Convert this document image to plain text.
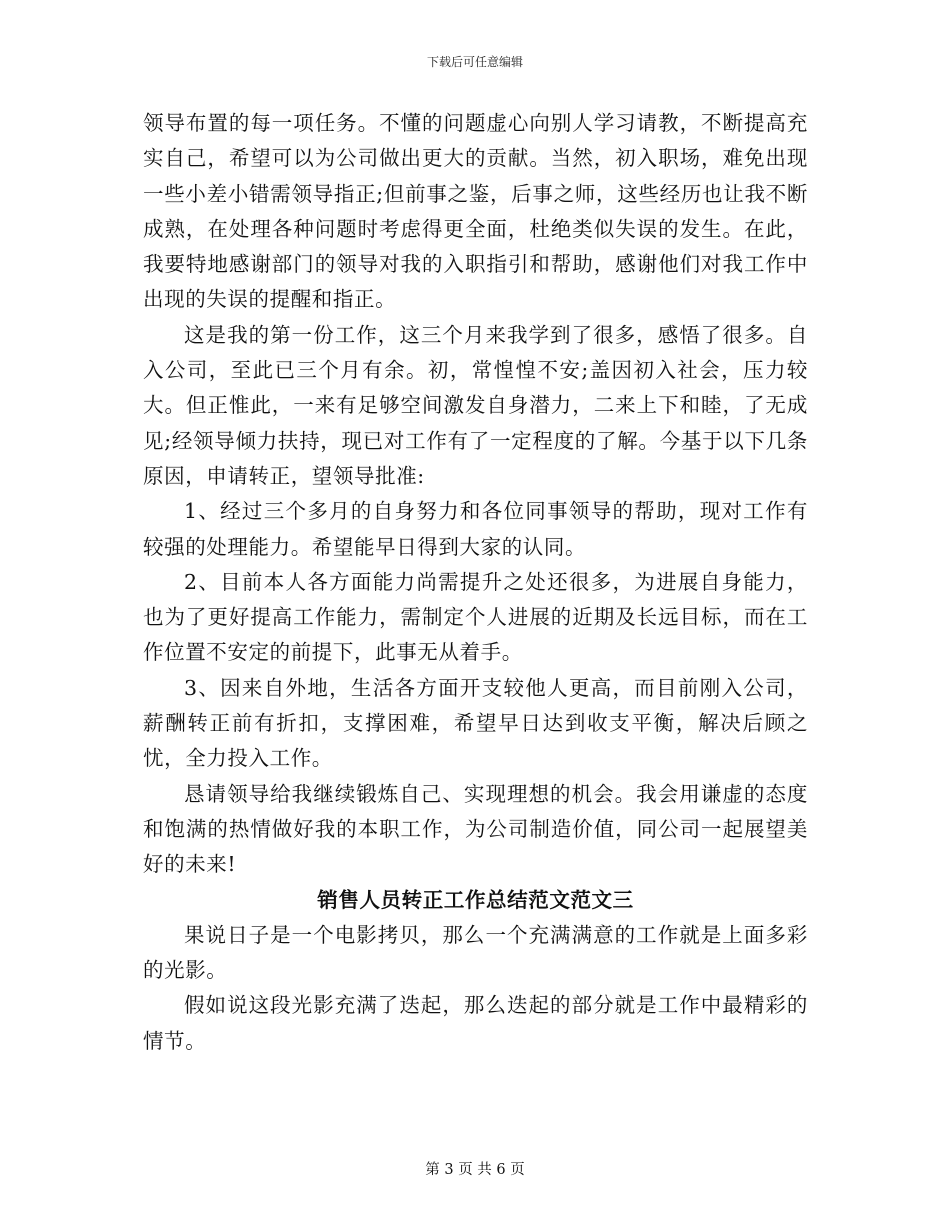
下载后可任意编辑

领导布置的每一项任务。不懂的问题虚心向别人学习请教，不断提高充实自己，希望可以为公司做出更大的贡献。当然，初入职场，难免出现一些小差小错需领导指正;但前事之鉴，后事之师，这些经历也让我不断成熟，在处理各种问题时考虑得更全面，杜绝类似失误的发生。在此，我要特地感谢部门的领导对我的入职指引和帮助，感谢他们对我工作中出现的失误的提醒和指正。

这是我的第一份工作，这三个月来我学到了很多，感悟了很多。自入公司，至此已三个月有余。初，常惶惶不安;盖因初入社会，压力较大。但正惟此，一来有足够空间激发自身潜力，二来上下和睦，了无成见;经领导倾力扶持，现已对工作有了一定程度的了解。今基于以下几条原因，申请转正，望领导批准:

1、经过三个多月的自身努力和各位同事领导的帮助，现对工作有较强的处理能力。希望能早日得到大家的认同。

2、目前本人各方面能力尚需提升之处还很多，为进展自身能力，也为了更好提高工作能力，需制定个人进展的近期及长远目标，而在工作位置不安定的前提下，此事无从着手。

3、因来自外地，生活各方面开支较他人更高，而目前刚入公司，薪酬转正前有折扣，支撑困难，希望早日达到收支平衡，解决后顾之忧，全力投入工作。

恳请领导给我继续锻炼自己、实现理想的机会。我会用谦虚的态度和饱满的热情做好我的本职工作，为公司制造价值，同公司一起展望美好的未来!

销售人员转正工作总结范文范文三

果说日子是一个电影拷贝，那么一个充满满意的工作就是上面多彩的光影。

假如说这段光影充满了迭起，那么迭起的部分就是工作中最精彩的情节。

第 3 页 共 6 页
